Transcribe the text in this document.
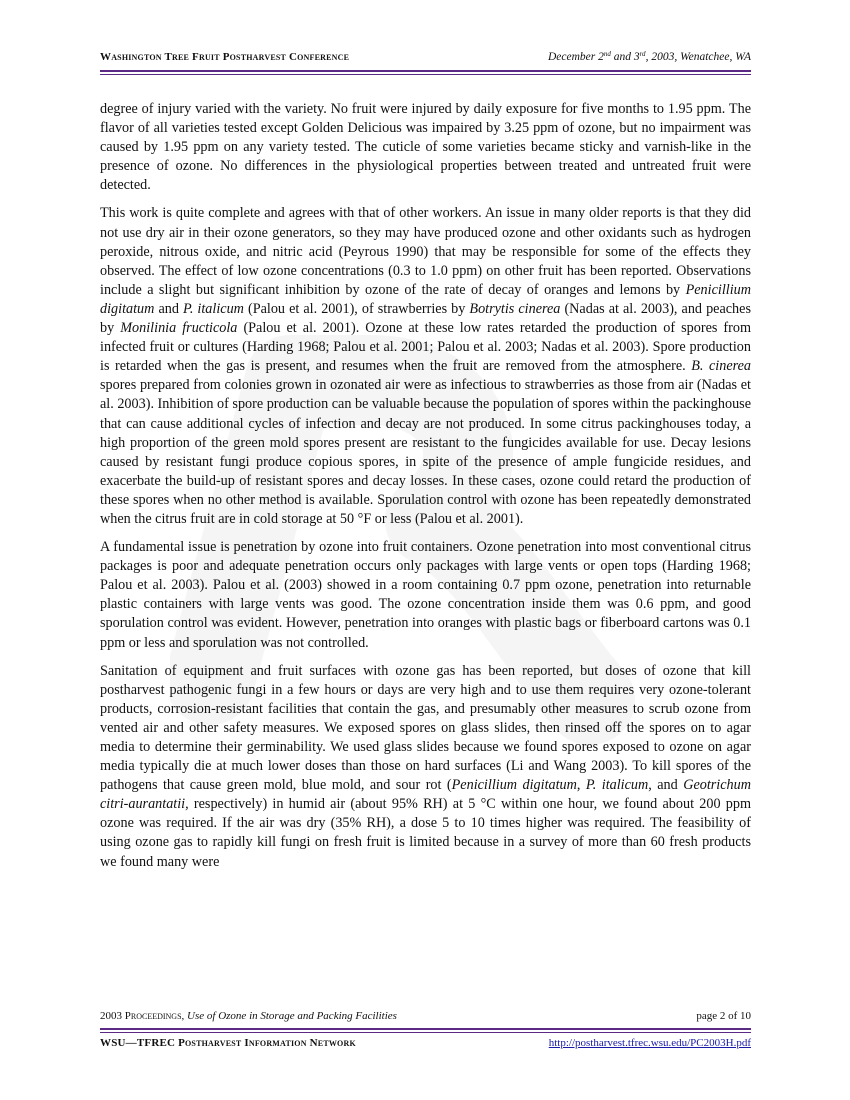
Washington Tree Fruit Postharvest Conference	December 2nd and 3rd, 2003, Wenatchee, WA

degree of injury varied with the variety. No fruit were injured by daily exposure for five months to 1.95 ppm. The flavor of all varieties tested except Golden Delicious was impaired by 3.25 ppm of ozone, but no impairment was caused by 1.95 ppm on any variety tested. The cuticle of some varieties became sticky and varnish-like in the presence of ozone. No differences in the physiological properties between treated and untreated fruit were detected.

This work is quite complete and agrees with that of other workers. An issue in many older reports is that they did not use dry air in their ozone generators, so they may have produced ozone and other oxidants such as hydrogen peroxide, nitrous oxide, and nitric acid (Peyrous 1990) that may be responsible for some of the effects they observed. The effect of low ozone concentrations (0.3 to 1.0 ppm) on other fruit has been reported. Observations include a slight but significant inhibition by ozone of the rate of decay of oranges and lemons by Penicillium digitatum and P. italicum (Palou et al. 2001), of strawberries by Botrytis cinerea (Nadas at al. 2003), and peaches by Monilinia fructicola (Palou et al. 2001). Ozone at these low rates retarded the production of spores from infected fruit or cultures (Harding 1968; Palou et al. 2001; Palou et al. 2003; Nadas et al. 2003). Spore production is retarded when the gas is present, and resumes when the fruit are removed from the atmosphere. B. cinerea spores prepared from colonies grown in ozonated air were as infectious to strawberries as those from air (Nadas et al. 2003). Inhibition of spore production can be valuable because the population of spores within the packinghouse that can cause additional cycles of infection and decay are not produced. In some citrus packinghouses today, a high proportion of the green mold spores present are resistant to the fungicides available for use. Decay lesions caused by resistant fungi produce copious spores, in spite of the presence of ample fungicide residues, and exacerbate the build-up of resistant spores and decay losses. In these cases, ozone could retard the production of these spores when no other method is available. Sporulation control with ozone has been repeatedly demonstrated when the citrus fruit are in cold storage at 50 °F or less (Palou et al. 2001).

A fundamental issue is penetration by ozone into fruit containers. Ozone penetration into most conventional citrus packages is poor and adequate penetration occurs only packages with large vents or open tops (Harding 1968; Palou et al. 2003). Palou et al. (2003) showed in a room containing 0.7 ppm ozone, penetration into returnable plastic containers with large vents was good. The ozone concentration inside them was 0.6 ppm, and good sporulation control was evident. However, penetration into oranges with plastic bags or fiberboard cartons was 0.1 ppm or less and sporulation was not controlled.

Sanitation of equipment and fruit surfaces with ozone gas has been reported, but doses of ozone that kill postharvest pathogenic fungi in a few hours or days are very high and to use them requires very ozone-tolerant products, corrosion-resistant facilities that contain the gas, and presumably other measures to scrub ozone from vented air and other safety measures. We exposed spores on glass slides, then rinsed off the spores on to agar media to determine their germinability. We used glass slides because we found spores exposed to ozone on agar media typically die at much lower doses than those on hard surfaces (Li and Wang 2003). To kill spores of the pathogens that cause green mold, blue mold, and sour rot (Penicillium digitatum, P. italicum, and Geotrichum citri-aurantatii, respectively) in humid air (about 95% RH) at 5 °C within one hour, we found about 200 ppm ozone was required. If the air was dry (35% RH), a dose 5 to 10 times higher was required. The feasibility of using ozone gas to rapidly kill fungi on fresh fruit is limited because in a survey of more than 60 fresh products we found many were

2003 Proceedings, Use of Ozone in Storage and Packing Facilities	page 2 of 10
WSU—TFREC Postharvest Information Network	http://postharvest.tfrec.wsu.edu/PC2003H.pdf
